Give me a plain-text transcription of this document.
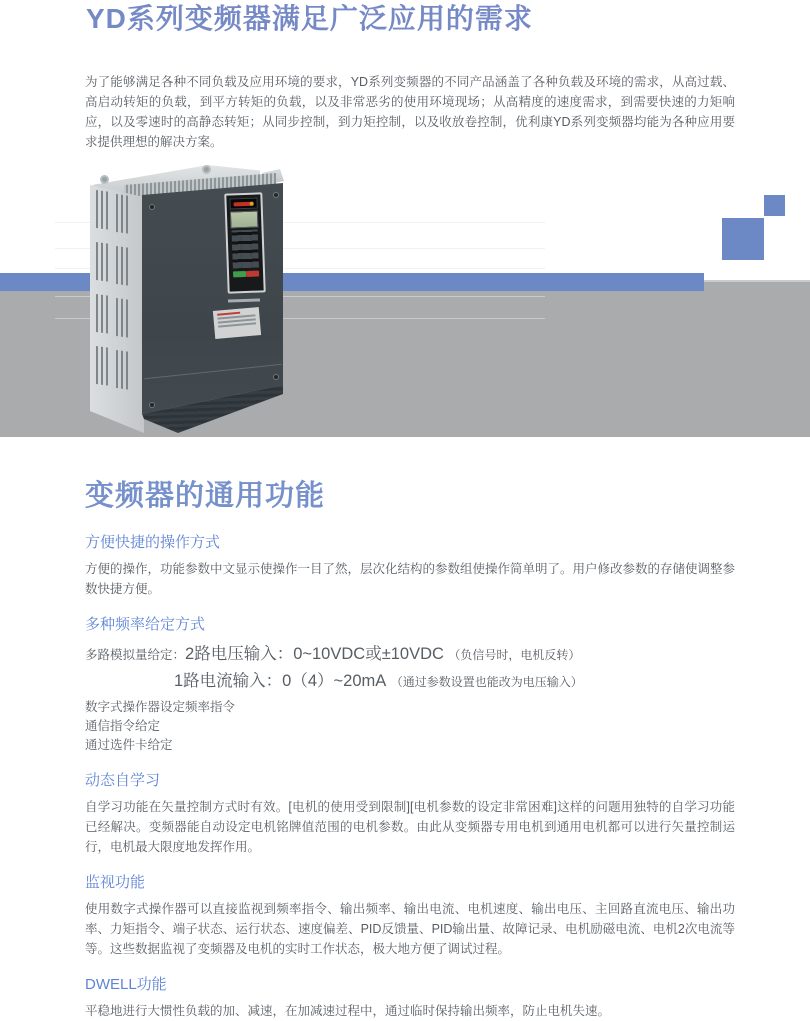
YD系列变频器满足广泛应用的需求

为了能够满足各种不同负载及应用环境的要求，YD系列变频器的不同产品涵盖了各种负载及环境的需求，从高过载、高启动转矩的负载，到平方转矩的负载，以及非常恶劣的使用环境现场；从高精度的速度需求，到需要快速的力矩响应，以及零速时的高静态转矩；从同步控制，到力矩控制，以及收放卷控制，优利康YD系列变频器均能为各种应用要求提供理想的解决方案。

变频器的通用功能
方便快捷的操作方式

方便的操作，功能参数中文显示使操作一目了然，层次化结构的参数组使操作简单明了。用户修改参数的存储使调整参数快捷方便。

多种频率给定方式
多路模拟量给定：2路电压输入：0~10VDC或±10VDC （负信号时，电机反转）
1路电流输入：0（4）~20mA （通过参数设置也能改为电压输入）
数字式操作器设定频率指令
通信指令给定
通过选件卡给定
动态自学习

自学习功能在矢量控制方式时有效。[电机的使用受到限制][电机参数的设定非常困难]这样的问题用独特的自学习功能已经解决。变频器能自动设定电机铭牌值范围的电机参数。由此从变频器专用电机到通用电机都可以进行矢量控制运行，电机最大限度地发挥作用。

监视功能

使用数字式操作器可以直接监视到频率指令、输出频率、输出电流、电机速度、输出电压、主回路直流电压、输出功率、力矩指令、端子状态、运行状态、速度偏差、PID反馈量、PID输出量、故障记录、电机励磁电流、电机2次电流等等。这些数据监视了变频器及电机的实时工作状态，极大地方便了调试过程。

DWELL功能

平稳地进行大惯性负载的加、减速，在加减速过程中，通过临时保持输出频率，防止电机失速。
